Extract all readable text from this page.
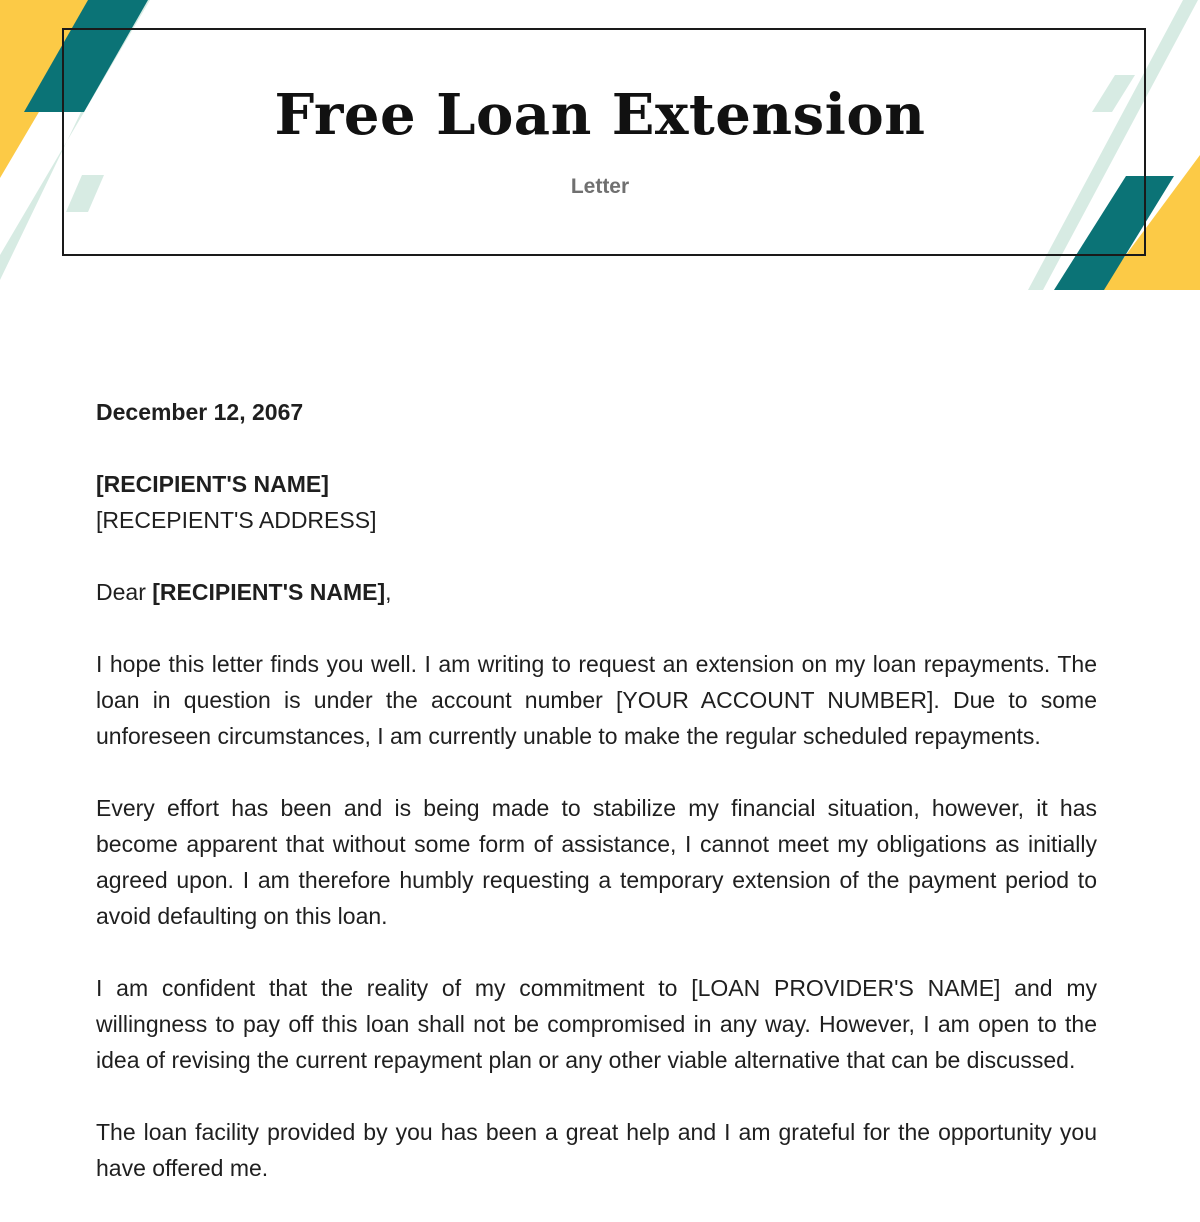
Free Loan Extension
Letter

December 12, 2067

[RECIPIENT'S NAME]
[RECEPIENT'S ADDRESS]

Dear [RECIPIENT'S NAME],

I hope this letter finds you well. I am writing to request an extension on my loan repayments. The loan in question is under the account number [YOUR ACCOUNT NUMBER]. Due to some unforeseen circumstances, I am currently unable to make the regular scheduled repayments.

Every effort has been and is being made to stabilize my financial situation, however, it has become apparent that without some form of assistance, I cannot meet my obligations as initially agreed upon. I am therefore humbly requesting a temporary extension of the payment period to avoid defaulting on this loan.

I am confident that the reality of my commitment to [LOAN PROVIDER'S NAME] and my willingness to pay off this loan shall not be compromised in any way. However, I am open to the idea of revising the current repayment plan or any other viable alternative that can be discussed.

The loan facility provided by you has been a great help and I am grateful for the opportunity you have offered me.
